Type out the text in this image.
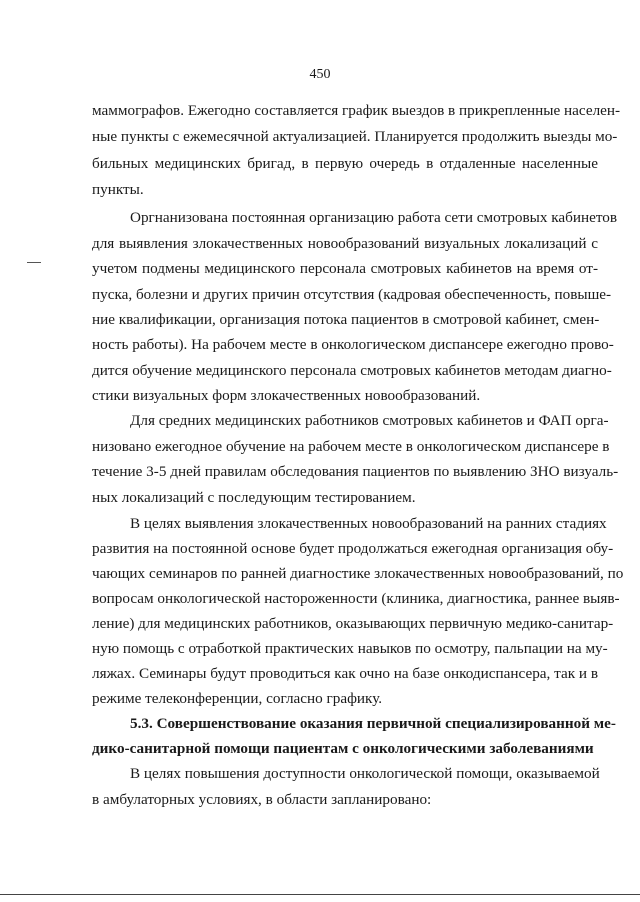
450
маммографов. Ежегодно составляется график выездов в прикрепленные населен-
ные пункты с ежемесячной актуализацией. Планируется продолжить выезды мо-
бильных медицинских бригад, в первую очередь в отдаленные населенные
пункты.
Оргнанизована постоянная организацию работа сети смотровых кабинетов
для выявления злокачественных новообразований визуальных локализаций с
учетом подмены медицинского персонала смотровых кабинетов на время от-
пуска, болезни и других причин отсутствия (кадровая обеспеченность, повыше-
ние квалификации, организация потока пациентов в смотровой кабинет, смен-
ность работы). На рабочем месте в онкологическом диспансере ежегодно прово-
дится обучение медицинского персонала смотровых кабинетов методам диагно-
стики визуальных форм злокачественных новообразований.
Для средних медицинских работников смотровых кабинетов и ФАП орга-
низовано ежегодное обучение на рабочем месте в онкологическом диспансере в
течение 3-5 дней правилам обследования пациентов по выявлению ЗНО визуаль-
ных локализаций с последующим тестированием.
В целях выявления злокачественных новообразований на ранних стадиях
развития на постоянной основе будет продолжаться ежегодная организация обу-
чающих семинаров по ранней диагностике злокачественных новообразований, по
вопросам онкологической настороженности (клиника, диагностика, раннее выяв-
ление) для медицинских работников, оказывающих первичную медико-санитар-
ную помощь с отработкой практических навыков по осмотру, пальпации на му-
ляжах. Семинары будут проводиться как очно на базе онкодиспансера, так и в
режиме телеконференции, согласно графику.
5.3. Совершенствование оказания первичной специализированной ме-
дико-санитарной помощи пациентам с онкологическими заболеваниями
В целях повышения доступности онкологической помощи, оказываемой
в амбулаторных условиях, в области запланировано:
